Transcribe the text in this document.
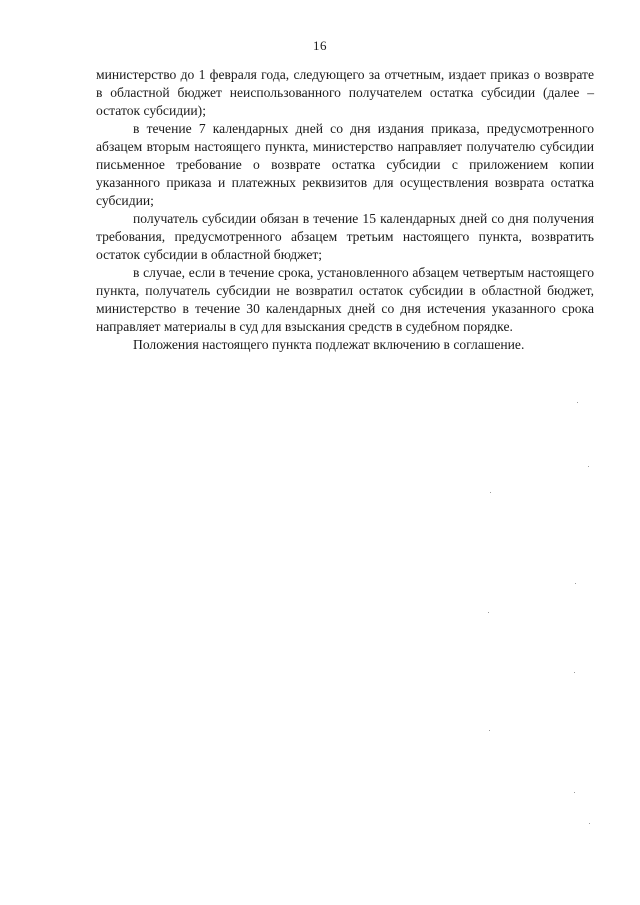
16

министерство до 1 февраля года, следующего за отчетным, издает приказ о возврате в областной бюджет неиспользованного получателем остатка субсидии (далее – остаток субсидии);

в течение 7 календарных дней со дня издания приказа, предусмотренного абзацем вторым настоящего пункта, министерство направляет получателю субсидии письменное требование о возврате остатка субсидии с приложением копии указанного приказа и платежных реквизитов для осуществления возврата остатка субсидии;

получатель субсидии обязан в течение 15 календарных дней со дня получения требования, предусмотренного абзацем третьим настоящего пункта, возвратить остаток субсидии в областной бюджет;

в случае, если в течение срока, установленного абзацем четвертым настоящего пункта, получатель субсидии не возвратил остаток субсидии в областной бюджет, министерство в течение 30 календарных дней со дня истечения указанного срока направляет материалы в суд для взыскания средств в судебном порядке.

Положения настоящего пункта подлежат включению в соглашение.
